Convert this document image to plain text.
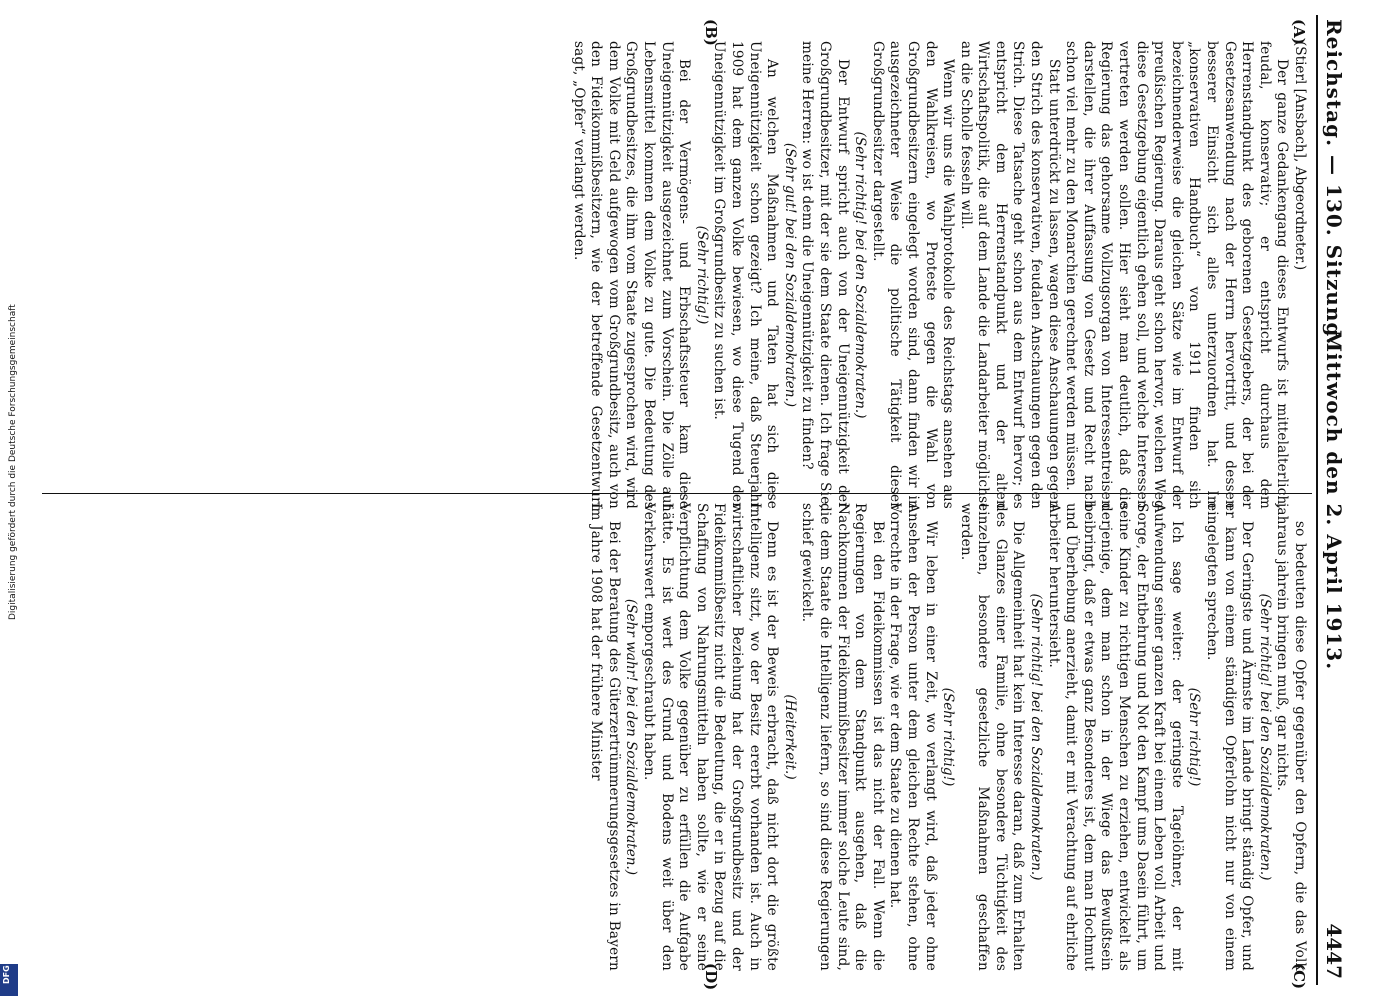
Reichstag. — 130. Sitzung.
Mittwoch den 2. April 1913.
4447
(A)
(B)
(C)
(D)

(Stierl [Ansbach], Abgeordneter.)

Der ganze Gedankengang dieses Entwurfs ist mittelalterlich, feudal, konservativ; er entspricht durchaus dem Herrenstandpunkt des geborenen Gesetzgebers, der bei der Gesetzesanwendung nach der Herrn hervortritt, und dessen besserer Einsicht sich alles unterzuordnen hat. Im „konservativen Handbuch“ von 1911 finden sich bezeichnenderweise die gleichen Sätze wie im Entwurf der preußischen Regierung. Daraus geht schon hervor, welchen Weg diese Gesetzgebung eigentlich gehen soll, und welche Interessen vertreten werden sollen. Hier sieht man deutlich, daß die Regierung das gehorsame Vollzugsorgan von Interessentreisen darstellen, die ihrer Auffassung von Gesetz und Recht nach schon viel mehr zu den Monarchien gerechnet werden müssen.

Statt unterdrückt zu lassen, wagen diese Anschauungen gegen den Strich des konservativen, feudalen Anschauungen gegen den Strich. Diese Tatsache geht schon aus dem Entwurf hervor; es entspricht dem Herrenstandpunkt und der alten Wirtschaftspolitik, die auf dem Lande die Landarbeiter möglichst an die Scholle fesseln will.

Wenn wir uns die Wahlprotokolle des Reichstags ansehen aus den Wahlkreisen, wo Proteste gegen die Wahl von Großgrundbesitzern eingelegt worden sind, dann finden wir in ausgezeichneter Weise die politische Tätigkeit dieser Großgrundbesitzer dargestellt.

(Sehr richtig! bei den Sozialdemokraten.)

Der Entwurf spricht auch von der Uneigennützigkeit der Großgrundbesitzer, mit der sie dem Staate dienen. Ich frage Sie, meine Herren: wo ist denn die Uneigennützigkeit zu finden?

(Sehr gut! bei den Sozialdemokraten.)

An welchen Maßnahmen und Taten hat sich diese Uneigennützigkeit schon gezeigt? Ich meine, daß Steuerjahr 1909 hat dem ganzen Volke bewiesen, wo diese Tugend der Uneigennützigkeit im Großgrundbesitz zu suchen ist.

(Sehr richtig!)

Bei der Vermögens- und Erbschaftssteuer kam diese Uneigennützigkeit ausgezeichnet zum Vorschein. Die Zölle auf Lebensmittel kommen dem Volke zu gute. Die Bedeutung des Großgrundbesitzes, die ihm vom Staate zugesprochen wird, wird dem Volke mit Geld aufgewogen vom Großgrundbesitz, auch von den Fideikommißbesitzern, wie der betreffende Gesetzentwurf sagt, „Opfer“ verlangt werden.

so bedeuten diese Opfer gegenüber den Opfern, die das Volk jahraus jahrein bringen muß, gar nichts.

(Sehr richtig! bei den Sozialdemokraten.)

Der Geringste und Ärmste im Lande bringt ständig Opfer, und er kann von einem ständigen Opferlohn nicht nur von einem eingelegten sprechen.

(Sehr richtig!)

Ich sage weiter: der geringste Tagelöhner, der mit Aufwendung seiner ganzen Kraft bei einem Leben voll Arbeit und Sorge, der Entbehrung und Not den Kampf ums Dasein führt, um seine Kinder zu richtigen Menschen zu erziehen, entwickelt als derjenige, dem man schon in der Wiege das Bewußtsein beibringt, daß er etwas ganz Besonderes ist, dem man Hochmut und Überhebung anerzieht, damit er mit Verachtung auf ehrliche Arbeiter heruntersieht.

(Sehr richtig! bei den Sozialdemokraten.)

Die Allgemeinheit hat kein Interesse daran, daß zum Erhalten des Glanzes einer Familie, ohne besondere Tüchtigkeit des einzelnen, besondere gesetzliche Maßnahmen geschaffen werden.

(Sehr richtig!)

Wir leben in einer Zeit, wo verlangt wird, daß jeder ohne Ansehen der Person unter dem gleichen Rechte stehen, ohne Vorrechte in der Frage, wie er dem Staate zu dienen hat.

Bei den Fideikommissen ist das nicht der Fall. Wenn die Regierungen von dem Standpunkt ausgehen, daß die Nachkommen der Fideikommißbesitzer immer solche Leute sind, die dem Staate die Intelligenz liefern, so sind diese Regierungen schief gewickelt.

(Heiterkeit.)

Denn es ist der Beweis erbracht, daß nicht dort die größte Intelligenz sitzt, wo der Besitz ererbt vorhanden ist. Auch in wirtschaftlicher Beziehung hat der Großgrundbesitz und der Fideikommißbesitz nicht die Bedeutung, die er in Bezug auf die Schaffung von Nahrungsmitteln haben sollte, wie er seine Verpflichtung dem Volke gegenüber zu erfüllen die Aufgabe hätte. Es ist wert des Grund und Bodens weit über den Verkehrswert emporgeschraubt haben.

(Sehr wahr! bei den Sozialdemokraten.)

Bei der Beratung des Güterzertrümmerungsgesetzes in Bayern im Jahre 1908 hat der frühere Minister

Digitalisierung gefördert durch die Deutsche Forschungsgemeinschaft
DFG
